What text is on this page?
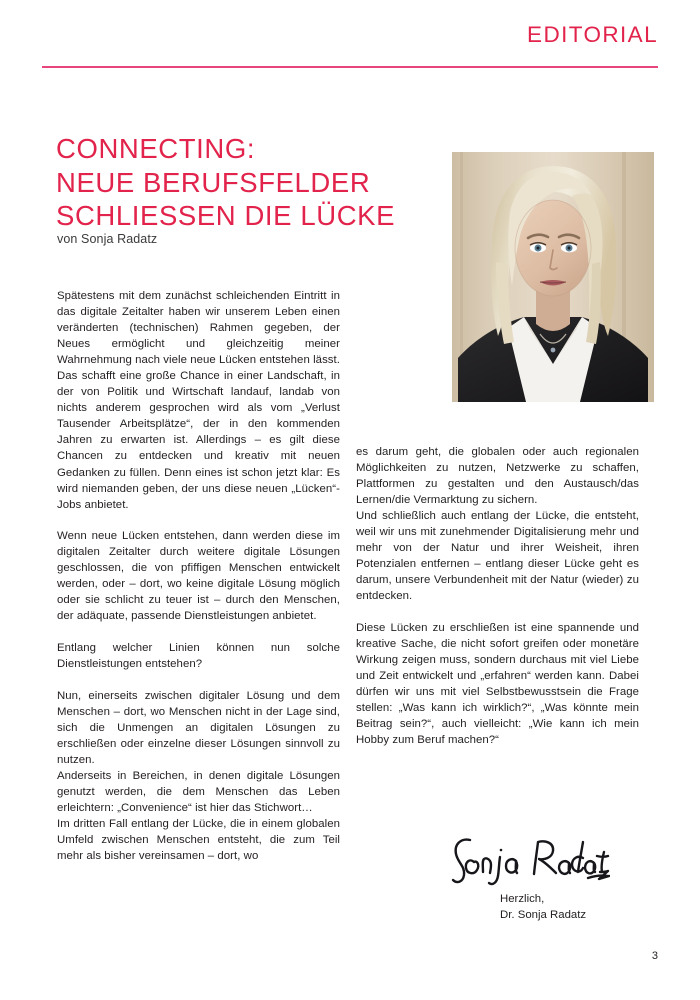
EDITORIAL
CONNECTING:
NEUE BERUFSFELDER
SCHLIESSEN DIE LÜCKE
von Sonja Radatz

Spätestens mit dem zunächst schleichenden Eintritt in das digitale Zeitalter haben wir unserem Leben einen veränderten (technischen) Rahmen gegeben, der Neues ermöglicht und gleichzeitig meiner Wahrnehmung nach viele neue Lücken entstehen lässt. Das schafft eine große Chance in einer Landschaft, in der von Politik und Wirtschaft landauf, landab von nichts anderem gesprochen wird als vom „Verlust Tausender Arbeitsplätze“, der in den kommenden Jahren zu erwarten ist. Allerdings – es gilt diese Chancen zu entdecken und kreativ mit neuen Gedanken zu füllen. Denn eines ist schon jetzt klar: Es wird niemanden geben, der uns diese neuen „Lücken“-Jobs anbietet.

Wenn neue Lücken entstehen, dann werden diese im digitalen Zeitalter durch weitere digitale Lösungen geschlossen, die von pfiffigen Menschen entwickelt werden, oder – dort, wo keine digitale Lösung möglich oder sie schlicht zu teuer ist – durch den Menschen, der adäquate, passende Dienstleistungen anbietet.

Entlang welcher Linien können nun solche Dienstleistungen entstehen?

Nun, einerseits zwischen digitaler Lösung und dem Menschen – dort, wo Menschen nicht in der Lage sind, sich die Unmengen an digitalen Lösungen zu erschließen oder einzelne dieser Lösungen sinnvoll zu nutzen.

Anderseits in Bereichen, in denen digitale Lösungen genutzt werden, die dem Menschen das Leben erleichtern: „Convenience“ ist hier das Stichwort…

Im dritten Fall entlang der Lücke, die in einem globalen Umfeld zwischen Menschen entsteht, die zum Teil mehr als bisher vereinsamen – dort, wo

es darum geht, die globalen oder auch regionalen Möglichkeiten zu nutzen, Netzwerke zu schaffen, Plattformen zu gestalten und den Austausch/das Lernen/die Vermarktung zu sichern.

Und schließlich auch entlang der Lücke, die entsteht, weil wir uns mit zunehmender Digitalisierung mehr und mehr von der Natur und ihrer Weisheit, ihren Potenzialen entfernen – entlang dieser Lücke geht es darum, unsere Verbundenheit mit der Natur (wieder) zu entdecken.

Diese Lücken zu erschließen ist eine spannende und kreative Sache, die nicht sofort greifen oder monetäre Wirkung zeigen muss, sondern durchaus mit viel Liebe und Zeit entwickelt und „erfahren“ werden kann. Dabei dürfen wir uns mit viel Selbstbewusstsein die Frage stellen: „Was kann ich wirklich?“, „Was könnte mein Beitrag sein?“, auch vielleicht: „Wie kann ich mein Hobby zum Beruf machen?“

Herzlich,
Dr. Sonja Radatz
3
